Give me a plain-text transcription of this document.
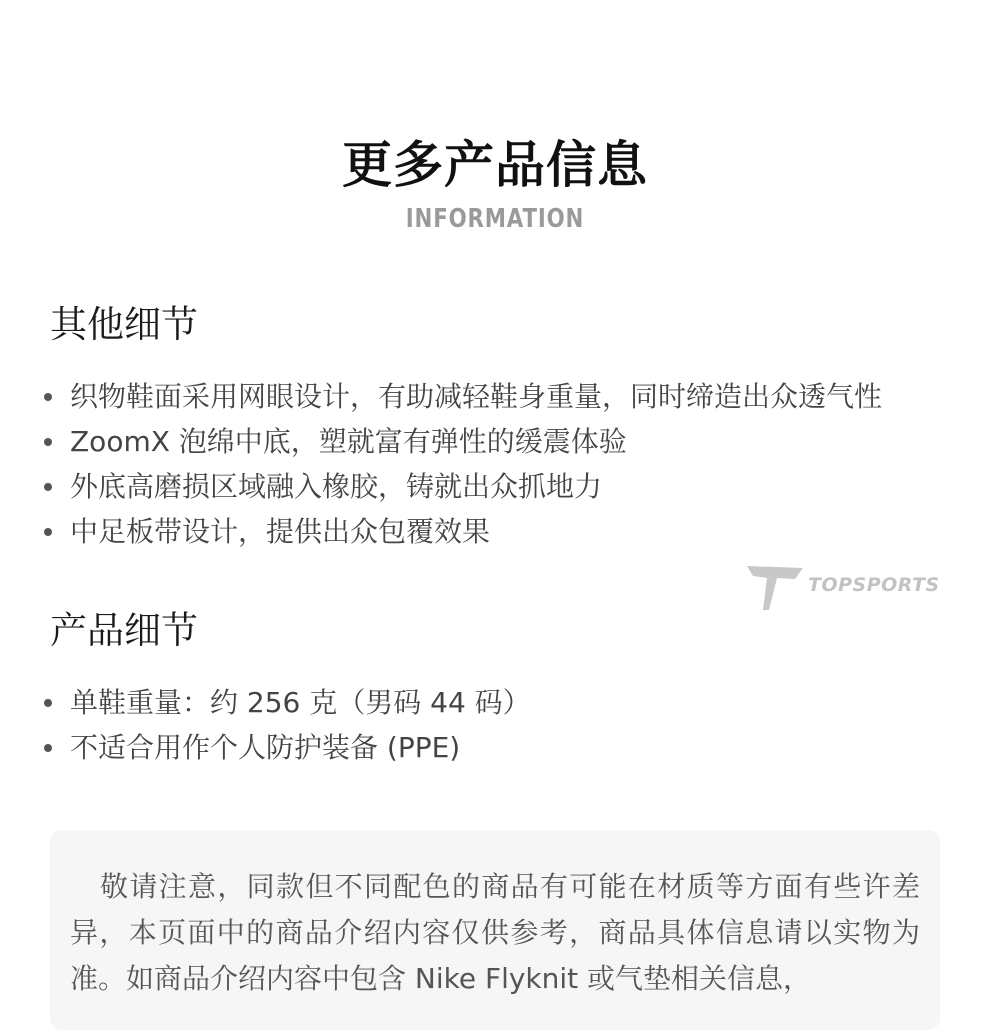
更多产品信息
INFORMATION
其他细节
织物鞋面采用网眼设计，有助减轻鞋身重量，同时缔造出众透气性
ZoomX 泡绵中底，塑就富有弹性的缓震体验
外底高磨损区域融入橡胶，铸就出众抓地力
中足板带设计，提供出众包覆效果
TOPSPORTS
产品细节
单鞋重量：约 256 克（男码 44 码）
不适合用作个人防护装备 (PPE)

敬请注意，同款但不同配色的商品有可能在材质等方面有些许差异，本页面中的商品介绍内容仅供参考，商品具体信息请以实物为准。如商品介绍内容中包含 Nike Flyknit 或气垫相关信息，
